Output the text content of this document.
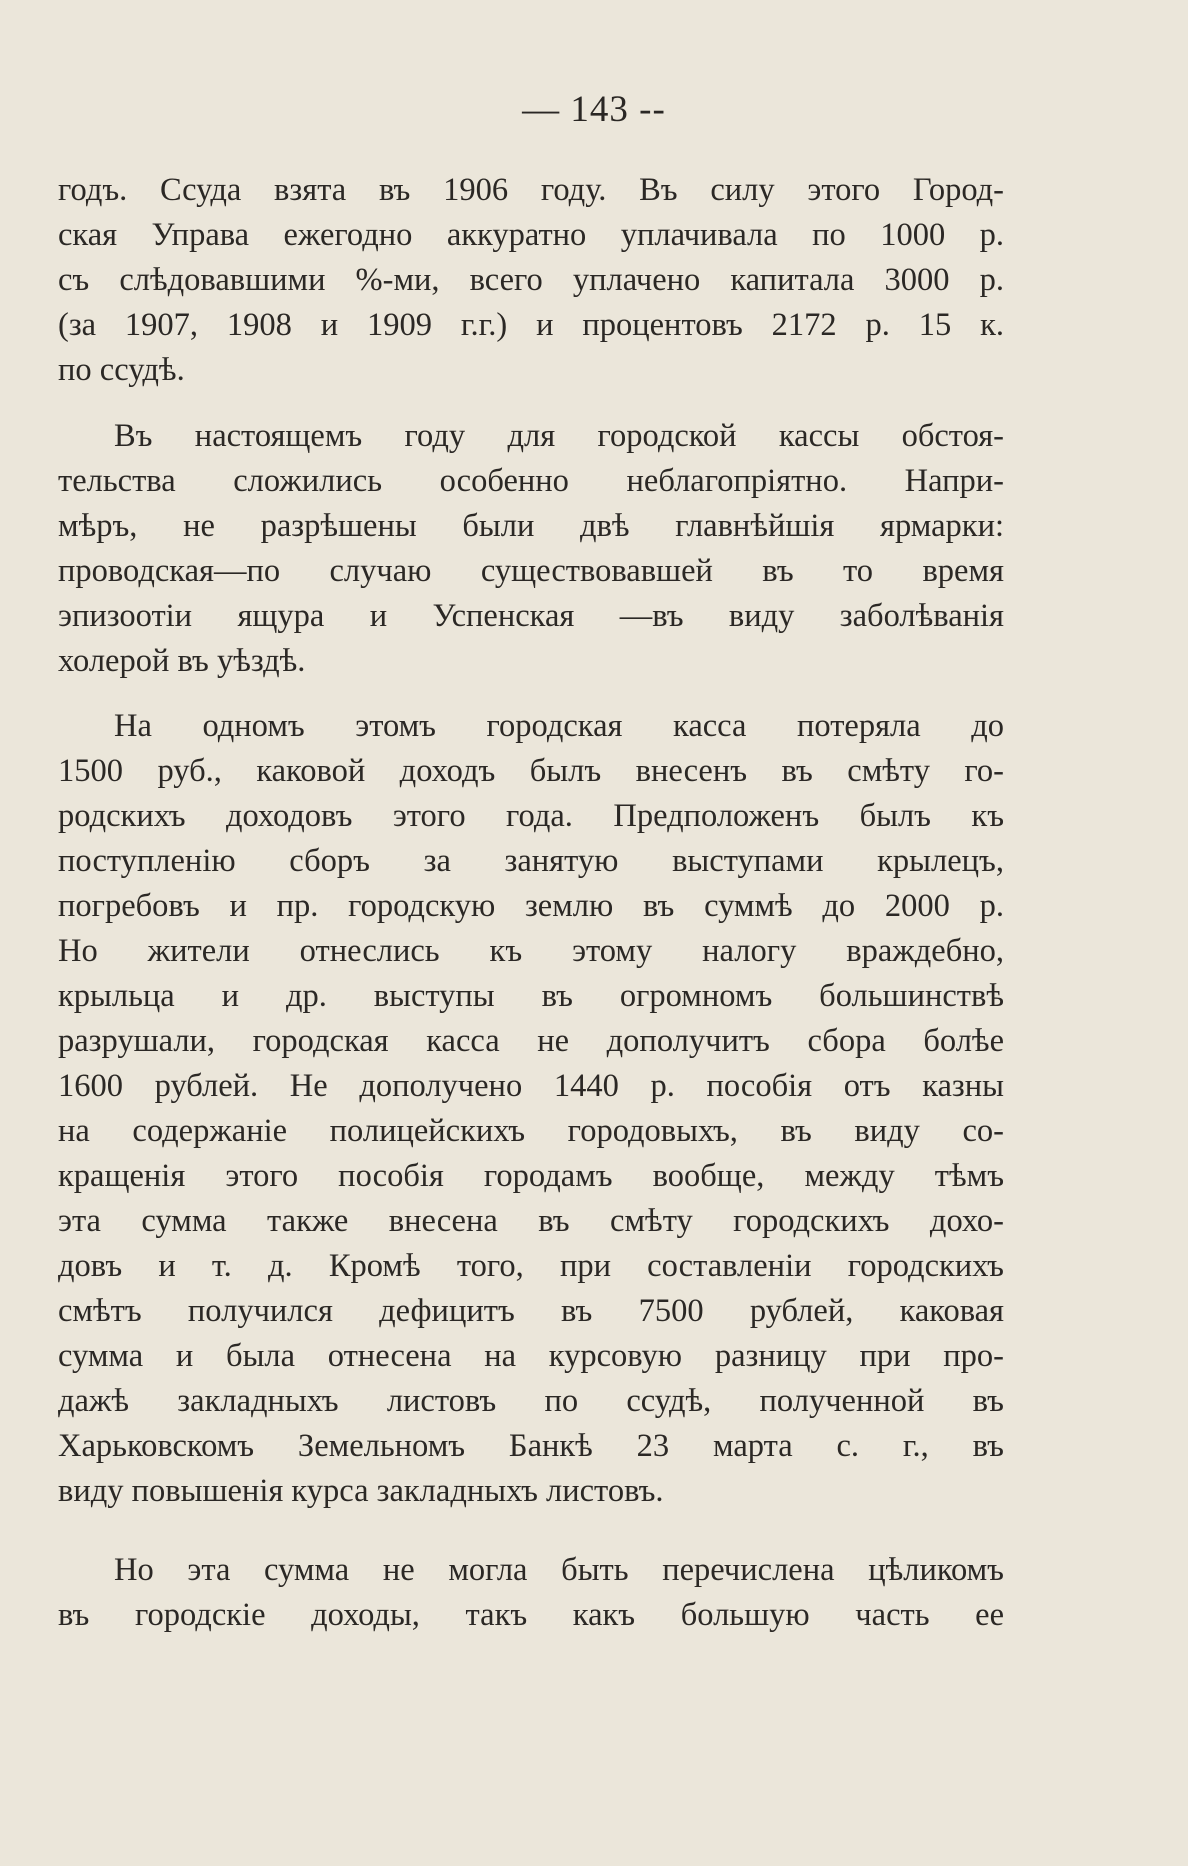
— 143 --
годъ. Ссуда взята въ 1906 году. Въ силу этого Город-
ская Управа ежегодно аккуратно уплачивала по 1000 р.
съ слѣдовавшими %-ми, всего уплачено капитала 3000 р.
(за 1907, 1908 и 1909 г.г.) и процентовъ 2172 р. 15 к.
по ссудѣ.
Въ настоящемъ году для городской кассы обстоя-
тельства сложились особенно неблагопріятно. Напри-
мѣръ, не разрѣшены были двѣ главнѣйшія ярмарки:
проводская—по случаю существовавшей въ то время
эпизоотіи ящура и Успенская —въ виду заболѣванія
холерой въ уѣздѣ.
На одномъ этомъ городская касса потеряла до
1500 руб., каковой доходъ былъ внесенъ въ смѣту го-
родскихъ доходовъ этого года. Предположенъ былъ къ
поступленію сборъ за занятую выступами крылецъ,
погребовъ и пр. городскую землю въ суммѣ до 2000 р.
Но жители отнеслись къ этому налогу враждебно,
крыльца и др. выступы въ огромномъ большинствѣ
разрушали, городская касса не дополучитъ сбора болѣе
1600 рублей. Не дополучено 1440 р. пособія отъ казны
на содержаніе полицейскихъ городовыхъ, въ виду со-
кращенія этого пособія городамъ вообще, между тѣмъ
эта сумма также внесена въ смѣту городскихъ дохо-
довъ и т. д. Кромѣ того, при составленіи городскихъ
смѣтъ получился дефицитъ въ 7500 рублей, каковая
сумма и была отнесена на курсовую разницу при про-
дажѣ закладныхъ листовъ по ссудѣ, полученной въ
Харьковскомъ Земельномъ Банкѣ 23 марта с. г., въ
виду повышенія курса закладныхъ листовъ.
Но эта сумма не могла быть перечислена цѣликомъ
въ городскіе доходы, такъ какъ большую часть ее
